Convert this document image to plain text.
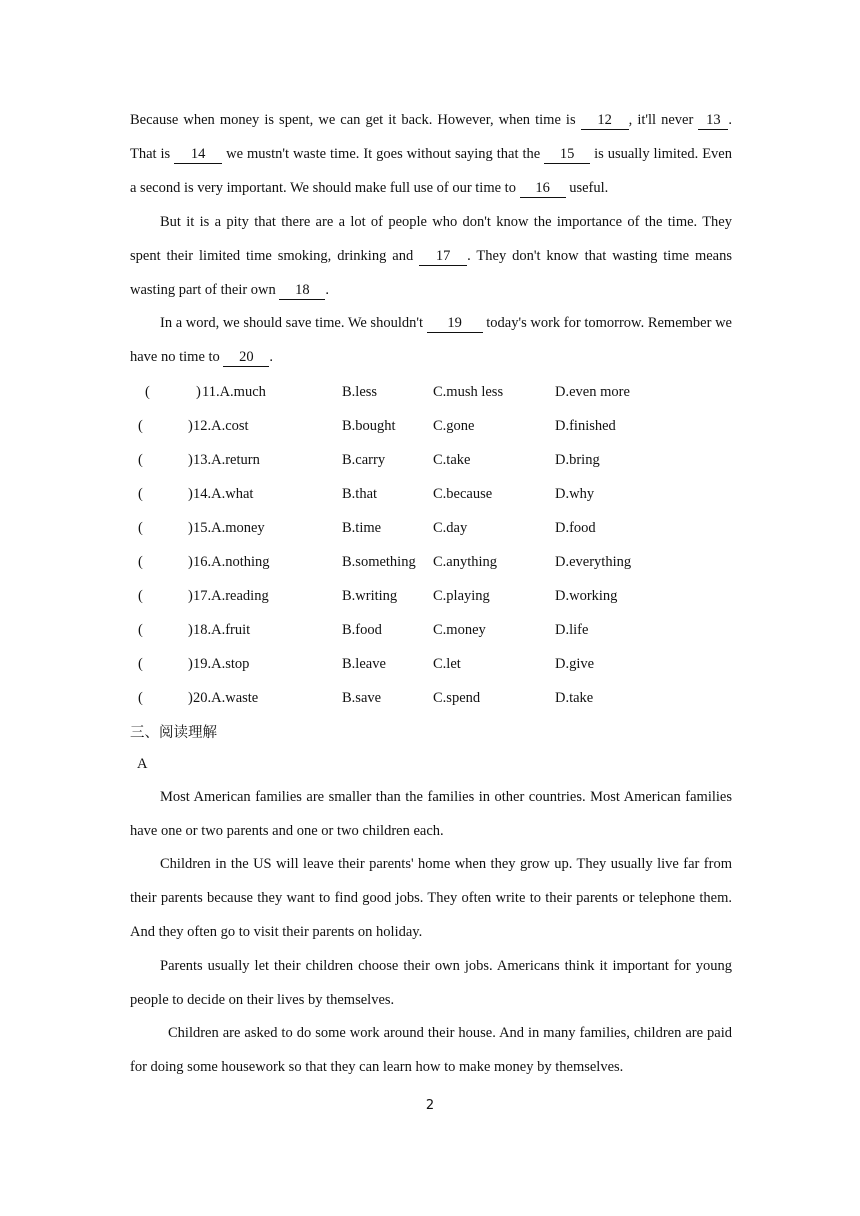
Because when money is spent, we can get it back. However, when time is 12 , it'll never 13 . That is 14 we mustn't waste time. It goes without saying that the 15 is usually limited. Even a second is very important. We should make full use of our time to 16 useful.

But it is a pity that there are a lot of people who don't know the importance of the time. They spent their limited time smoking, drinking and 17 . They don't know that wasting time means wasting part of their own 18 .

In a word, we should save time. We shouldn't 19 today's work for tomorrow. Remember we have no time to 20 .

(	) 11.A.much	B.less	C.mush less	D.even more
(	) 12.A.cost	B.bought	C.gone	D.finished
(	) 13.A.return	B.carry	C.take	D.bring
(	) 14.A.what	B.that	C.because	D.why
(	) 15.A.money	B.time	C.day	D.food
(	) 16.A.nothing	B.something C.anything	D.everything
(	) 17.A.reading	B.writing C.playing	D.working
(	) 18.A.fruit	B.food	C.money	D.life
(	) 19.A.stop	B.leave	C.let	D.give
(	) 20.A.waste	B.save	C.spend	D.take
三、阅读理解
A

Most American families are smaller than the families in other countries. Most American families have one or two parents and one or two children each.

Children in the US will leave their parents' home when they grow up. They usually live far from their parents because they want to find good jobs. They often write to their parents or telephone them. And they often go to visit their parents on holiday.

Parents usually let their children choose their own jobs. Americans think it important for young people to decide on their lives by themselves.

Children are asked to do some work around their house. And in many families, children are paid for doing some housework so that they can learn how to make money by themselves.

2
